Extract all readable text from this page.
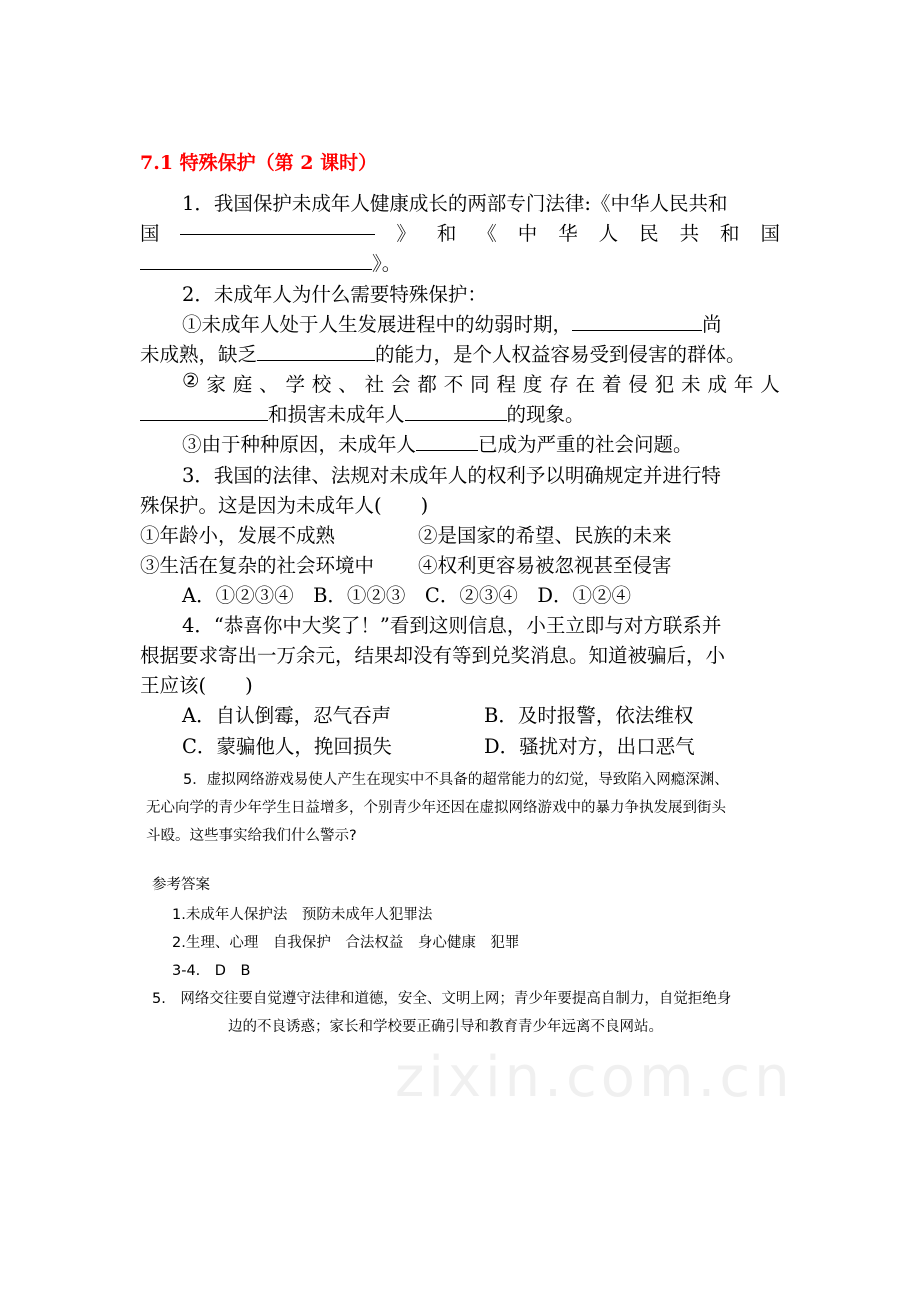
7.1 特殊保护（第 2 课时）
1．我国保护未成年人健康成长的两部专门法律:《中华人民共和
国	》 和 《 中 华 人 民 共 和 国
》。
2．未成年人为什么需要特殊保护：
①未成年人处于人生发展进程中的幼弱时期，	尚
未成熟，缺乏	的能力，是个人权益容易受到侵害的群体。
② 家 庭 、 学 校 、 社 会 都 不 同 程 度 存 在 着 侵 犯 未 成 年 人
和损害未成年人	的现象。
③由于种种原因，未成年人	已成为严重的社会问题。
3．我国的法律、法规对未成年人的权利予以明确规定并进行特
殊保护。这是因为未成年人(　　)
①年龄小，发展不成熟	②是国家的希望、民族的未来
③生活在复杂的社会环境中 ④权利更容易被忽视甚至侵害
A．①②③④　B．①②③　C．②③④　D．①②④
4．“恭喜你中大奖了！”看到这则信息，小王立即与对方联系并
根据要求寄出一万余元，结果却没有等到兑奖消息。知道被骗后，小
王应该(　　)
A．自认倒霉，忍气吞声	B．及时报警，依法维权
C．蒙骗他人，挽回损失	D．骚扰对方，出口恶气
5．虚拟网络游戏易使人产生在现实中不具备的超常能力的幻觉，导致陷入网瘾深渊、
无心向学的青少年学生日益增多，个别青少年还因在虚拟网络游戏中的暴力争执发展到街头
斗殴。这些事实给我们什么警示?
参考答案
1.未成年人保护法　预防未成年人犯罪法
2.生理、心理　自我保护　合法权益　身心健康　犯罪
3-4.　D　B
5.　网络交往要自觉遵守法律和道德，安全、文明上网；青少年要提高自制力，自觉拒绝身
边的不良诱惑；家长和学校要正确引导和教育青少年远离不良网站。
zixin.com.cn
